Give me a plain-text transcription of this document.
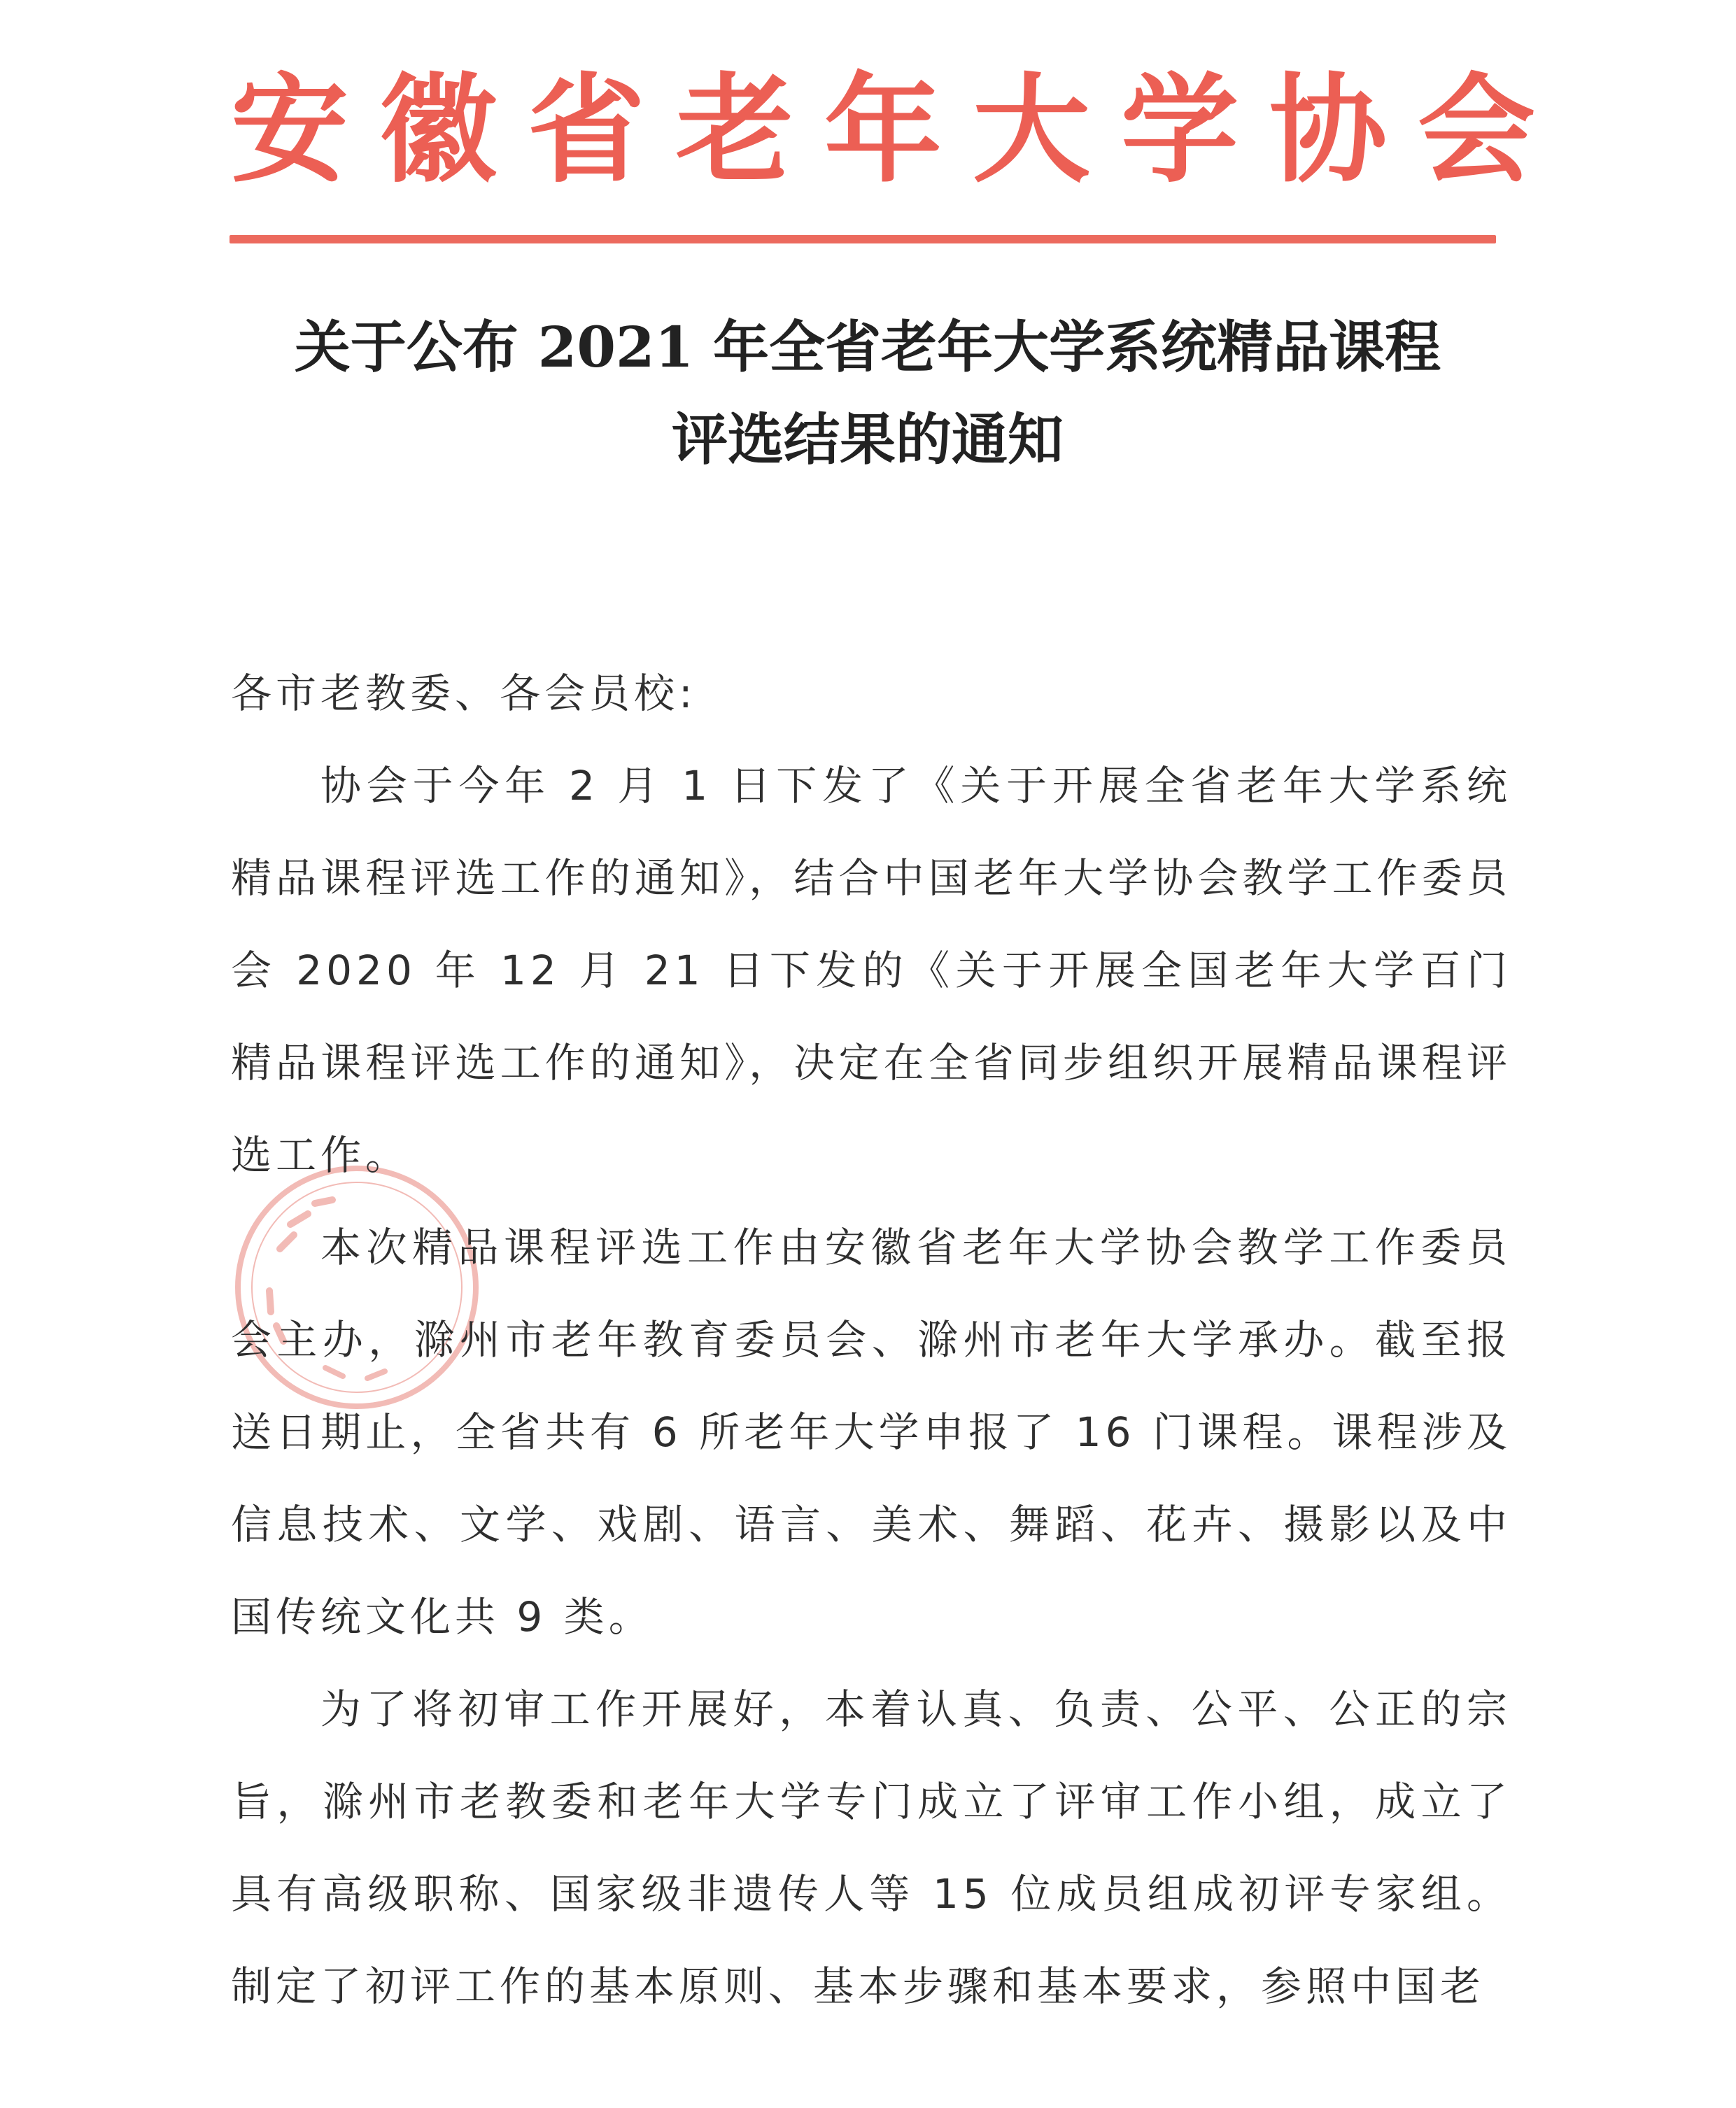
安徽省老年大学协会
关于公布 2021 年全省老年大学系统精品课程
评选结果的通知

各市老教委、各会员校:

协会于今年 2 月 1 日下发了《关于开展全省老年大学系统精品课程评选工作的通知》，结合中国老年大学协会教学工作委员会 2020 年 12 月 21 日下发的《关于开展全国老年大学百门精品课程评选工作的通知》，决定在全省同步组织开展精品课程评选工作。

本次精品课程评选工作由安徽省老年大学协会教学工作委员会主办，滁州市老年教育委员会、滁州市老年大学承办。截至报送日期止，全省共有 6 所老年大学申报了 16 门课程。课程涉及信息技术、文学、戏剧、语言、美术、舞蹈、花卉、摄影以及中国传统文化共 9 类。

为了将初审工作开展好，本着认真、负责、公平、公正的宗旨，滁州市老教委和老年大学专门成立了评审工作小组，成立了具有高级职称、国家级非遗传人等 15 位成员组成初评专家组。制定了初评工作的基本原则、基本步骤和基本要求，参照中国老
